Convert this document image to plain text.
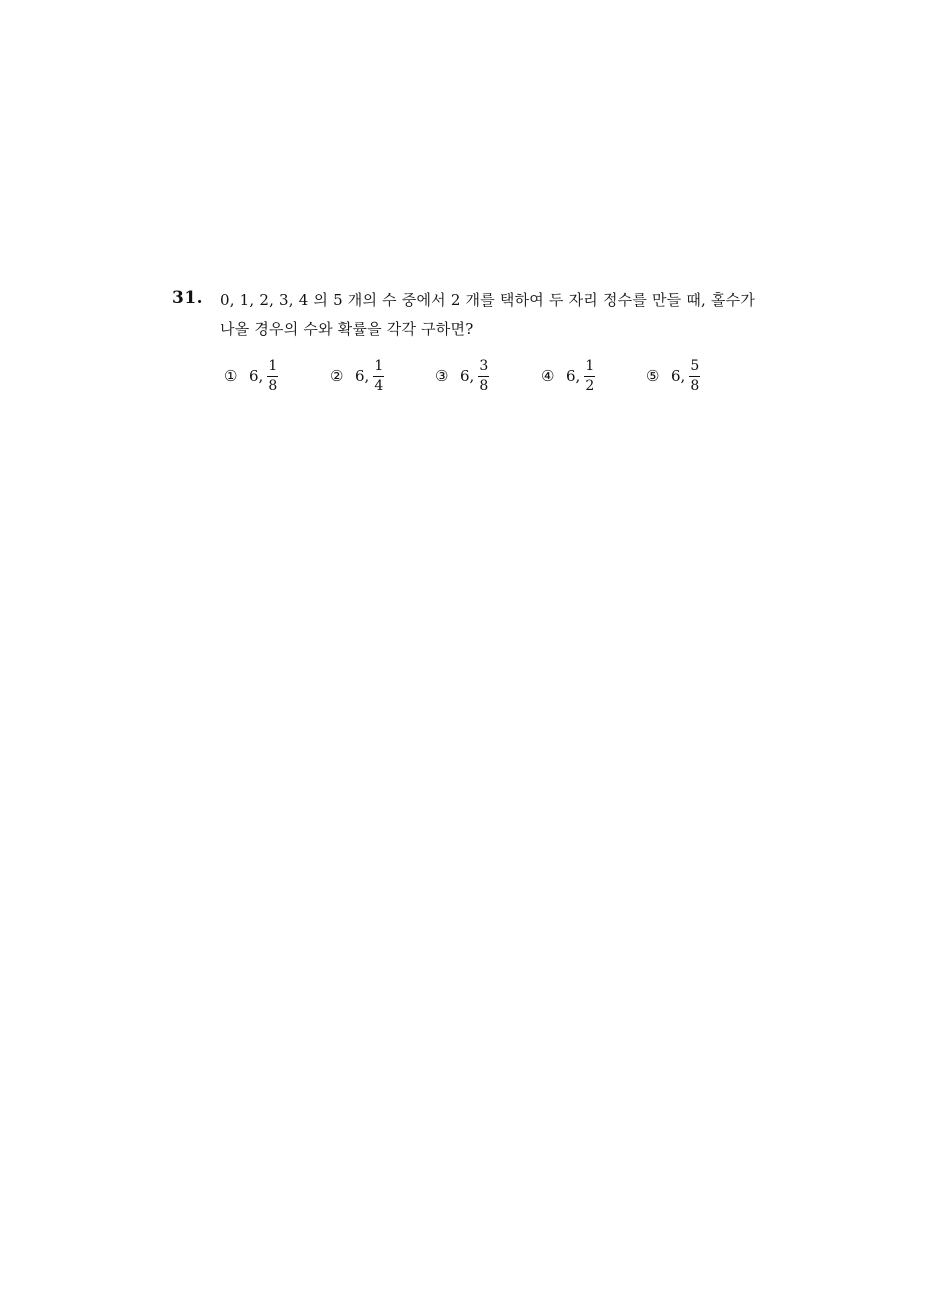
31. 0, 1, 2, 3, 4 의 5 개의 수 중에서 2 개를 택하여 두 자리 정수를 만들 때, 홀수가
나올 경우의 수와 확률을 각각 구하면?
① 6, $\frac{1}{8}$	② 6, $\frac{1}{4}$	③ 6, $\frac{3}{8}$	④ 6, $\frac{1}{2}$	⑤ 6, $\frac{5}{8}$
